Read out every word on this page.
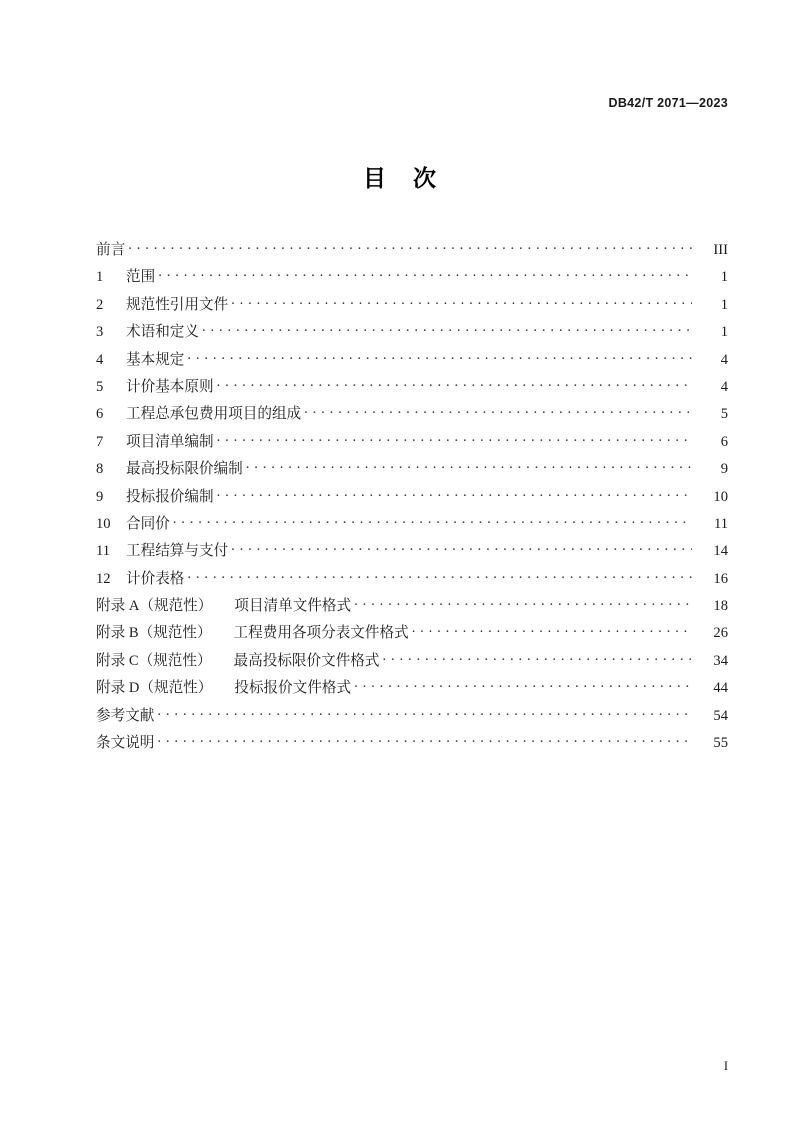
DB42/T 2071—2023
目 次
前言 . . .	III
1	范围 . . .	1
2	规范性引用文件 . . .	1
3	术语和定义 . . .	1
4	基本规定 . . .	4
5	计价基本原则 . . .	4
6	工程总承包费用项目的组成 . . .	5
7	项目清单编制 . . .	6
8	最高投标限价编制 . . .	9
9	投标报价编制 . . .	10
10	合同价 . . .	11
11	工程结算与支付 . . .	14
12	计价表格 . . .	16
附录 A（规范性）	项目清单文件格式 . . .	18
附录 B（规范性）	工程费用各项分表文件格式 . . .	26
附录 C（规范性）	最高投标限价文件格式 . . .	34
附录 D（规范性）	投标报价文件格式 . . .	44
参考文献 . . .	54
条文说明 . . .	55
I
